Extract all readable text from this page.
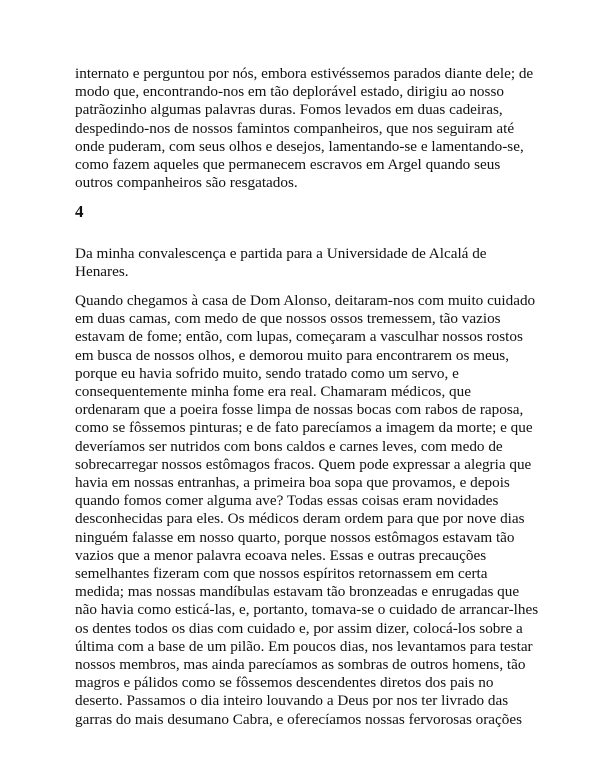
internato e perguntou por nós, embora estivéssemos parados diante dele; de
modo que, encontrando-nos em tão deplorável estado, dirigiu ao nosso
patrãozinho algumas palavras duras. Fomos levados em duas cadeiras,
despedindo-nos de nossos famintos companheiros, que nos seguiram até
onde puderam, com seus olhos e desejos, lamentando-se e lamentando-se,
como fazem aqueles que permanecem escravos em Argel quando seus
outros companheiros são resgatados.

4

Da minha convalescença e partida para a Universidade de Alcalá de
Henares.

Quando chegamos à casa de Dom Alonso, deitaram-nos com muito cuidado
em duas camas, com medo de que nossos ossos tremessem, tão vazios
estavam de fome; então, com lupas, começaram a vasculhar nossos rostos
em busca de nossos olhos, e demorou muito para encontrarem os meus,
porque eu havia sofrido muito, sendo tratado como um servo, e
consequentemente minha fome era real. Chamaram médicos, que
ordenaram que a poeira fosse limpa de nossas bocas com rabos de raposa,
como se fôssemos pinturas; e de fato parecíamos a imagem da morte; e que
deveríamos ser nutridos com bons caldos e carnes leves, com medo de
sobrecarregar nossos estômagos fracos. Quem pode expressar a alegria que
havia em nossas entranhas, a primeira boa sopa que provamos, e depois
quando fomos comer alguma ave? Todas essas coisas eram novidades
desconhecidas para eles. Os médicos deram ordem para que por nove dias
ninguém falasse em nosso quarto, porque nossos estômagos estavam tão
vazios que a menor palavra ecoava neles. Essas e outras precauções
semelhantes fizeram com que nossos espíritos retornassem em certa
medida; mas nossas mandíbulas estavam tão bronzeadas e enrugadas que
não havia como esticá-las, e, portanto, tomava-se o cuidado de arrancar-lhes
os dentes todos os dias com cuidado e, por assim dizer, colocá-los sobre a
última com a base de um pilão. Em poucos dias, nos levantamos para testar
nossos membros, mas ainda parecíamos as sombras de outros homens, tão
magros e pálidos como se fôssemos descendentes diretos dos pais no
deserto. Passamos o dia inteiro louvando a Deus por nos ter livrado das
garras do mais desumano Cabra, e oferecíamos nossas fervorosas orações
